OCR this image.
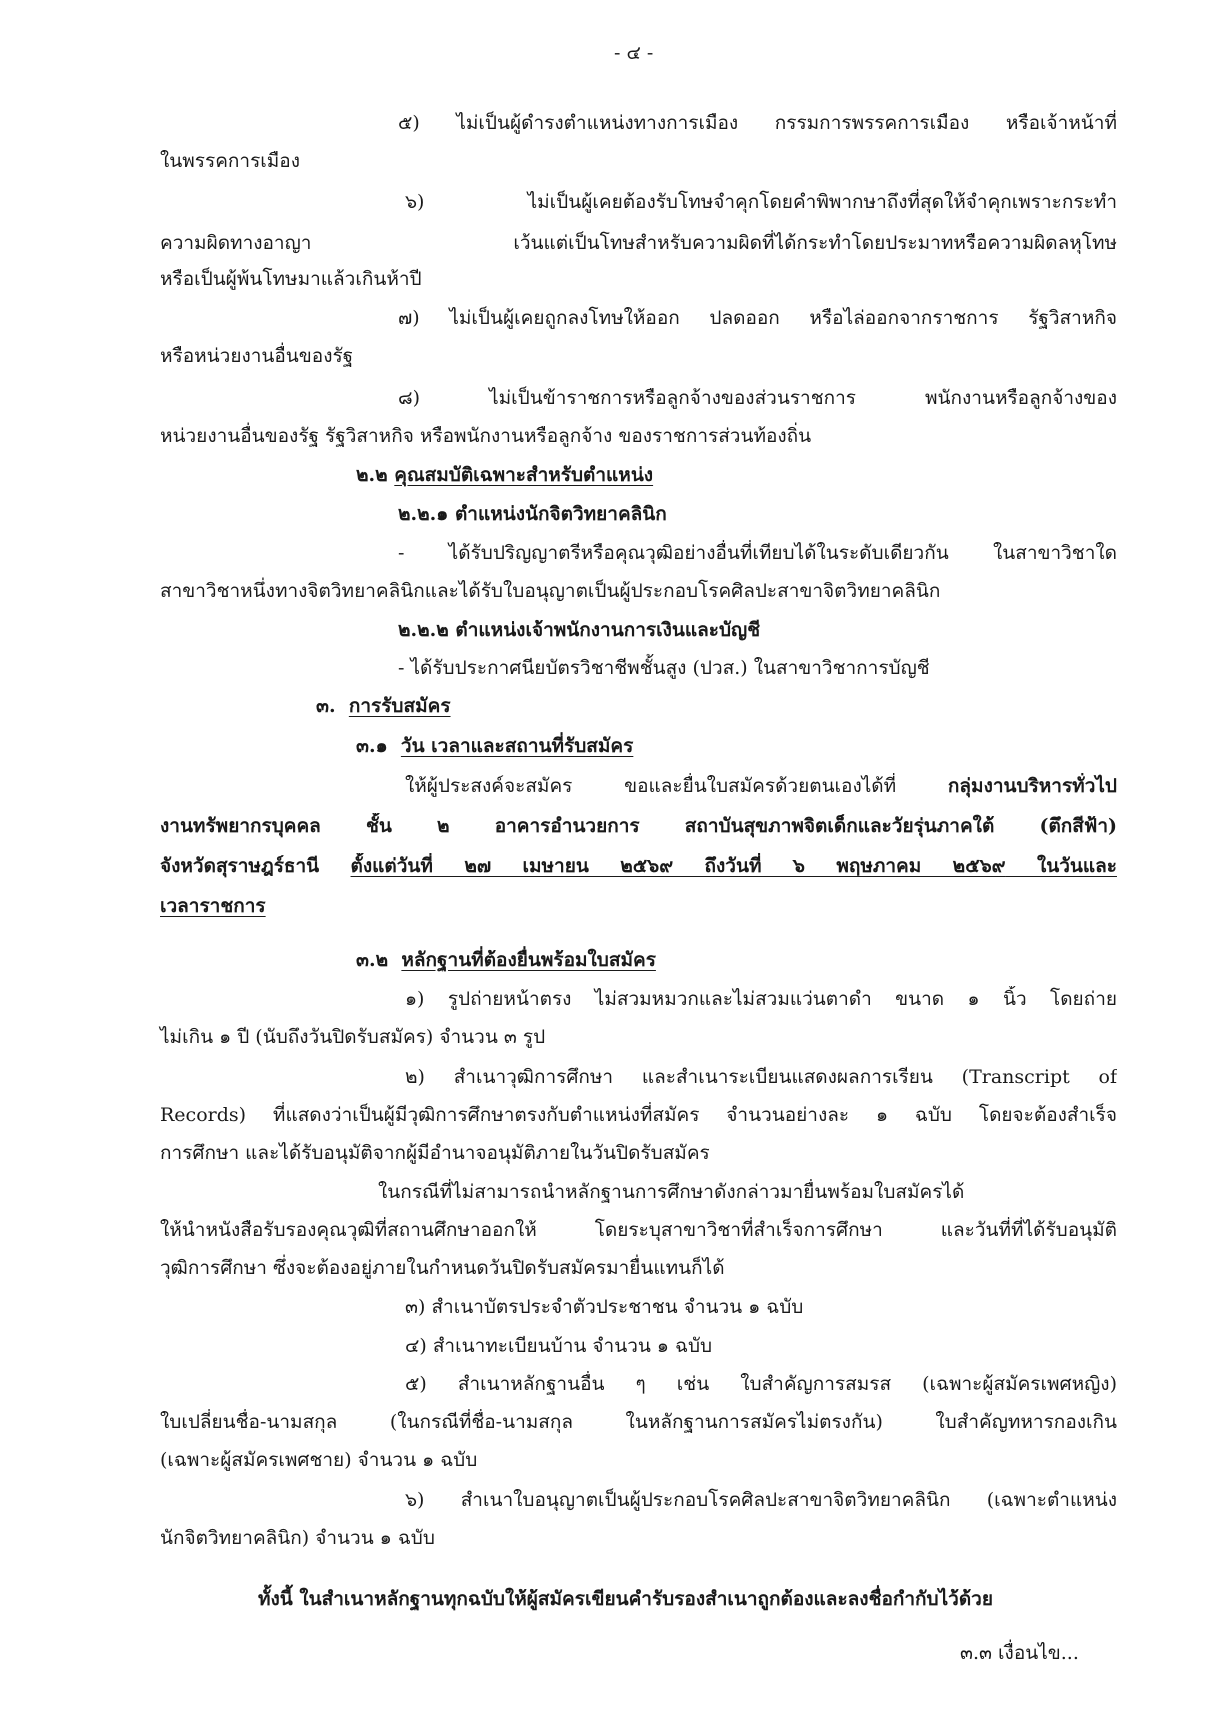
- ๔ -
๕) ไม่เป็นผู้ดำรงตำแหน่งทางการเมือง กรรมการพรรคการเมือง หรือเจ้าหน้าที่
ในพรรคการเมือง
๖) ไม่เป็นผู้เคยต้องรับโทษจำคุกโดยคำพิพากษาถึงที่สุดให้จำคุกเพราะกระทำ
ความผิดทางอาญา เว้นแต่เป็นโทษสำหรับความผิดที่ได้กระทำโดยประมาทหรือความผิดลหุโทษ
หรือเป็นผู้พ้นโทษมาแล้วเกินห้าปี
๗) ไม่เป็นผู้เคยถูกลงโทษให้ออก ปลดออก หรือไล่ออกจากราชการ รัฐวิสาหกิจ
หรือหน่วยงานอื่นของรัฐ
๘) ไม่เป็นข้าราชการหรือลูกจ้างของส่วนราชการ พนักงานหรือลูกจ้างของ
หน่วยงานอื่นของรัฐ รัฐวิสาหกิจ หรือพนักงานหรือลูกจ้าง ของราชการส่วนท้องถิ่น
๒.๒ คุณสมบัติเฉพาะสำหรับตำแหน่ง
๒.๒.๑ ตำแหน่งนักจิตวิทยาคลินิก
- ได้รับปริญญาตรีหรือคุณวุฒิอย่างอื่นที่เทียบได้ในระดับเดียวกัน ในสาขาวิชาใด
สาขาวิชาหนึ่งทางจิตวิทยาคลินิกและได้รับใบอนุญาตเป็นผู้ประกอบโรคศิลปะสาขาจิตวิทยาคลินิก
๒.๒.๒ ตำแหน่งเจ้าพนักงานการเงินและบัญชี
- ได้รับประกาศนียบัตรวิชาชีพชั้นสูง (ปวส.) ในสาขาวิชาการบัญชี
๓. การรับสมัคร
๓.๑ วัน เวลาและสถานที่รับสมัคร
ให้ผู้ประสงค์จะสมัคร ขอและยื่นใบสมัครด้วยตนเองได้ที่ กลุ่มงานบริหารทั่วไป
งานทรัพยากรบุคคล ชั้น ๒ อาคารอำนวยการ สถาบันสุขภาพจิตเด็กและวัยรุ่นภาคใต้ (ตึกสีฟ้า)
จังหวัดสุราษฎร์ธานี ตั้งแต่วันที่ ๒๗ เมษายน ๒๕๖๙ ถึงวันที่ ๖ พฤษภาคม ๒๕๖๙ ในวันและ
เวลาราชการ
๓.๒ หลักฐานที่ต้องยื่นพร้อมใบสมัคร
๑) รูปถ่ายหน้าตรง ไม่สวมหมวกและไม่สวมแว่นตาดำ ขนาด ๑ นิ้ว โดยถ่าย
ไม่เกิน ๑ ปี (นับถึงวันปิดรับสมัคร) จำนวน ๓ รูป
๒) สำเนาวุฒิการศึกษา และสำเนาระเบียนแสดงผลการเรียน (Transcript of
Records) ที่แสดงว่าเป็นผู้มีวุฒิการศึกษาตรงกับตำแหน่งที่สมัคร จำนวนอย่างละ ๑ ฉบับ โดยจะต้องสำเร็จ
การศึกษา และได้รับอนุมัติจากผู้มีอำนาจอนุมัติภายในวันปิดรับสมัคร
ในกรณีที่ไม่สามารถนำหลักฐานการศึกษาดังกล่าวมายื่นพร้อมใบสมัครได้
ให้นำหนังสือรับรองคุณวุฒิที่สถานศึกษาออกให้ โดยระบุสาขาวิชาที่สำเร็จการศึกษา และวันที่ที่ได้รับอนุมัติ
วุฒิการศึกษา ซึ่งจะต้องอยู่ภายในกำหนดวันปิดรับสมัครมายื่นแทนก็ได้
๓) สำเนาบัตรประจำตัวประชาชน จำนวน ๑ ฉบับ
๔) สำเนาทะเบียนบ้าน จำนวน ๑ ฉบับ
๕) สำเนาหลักฐานอื่น ๆ เช่น ใบสำคัญการสมรส (เฉพาะผู้สมัครเพศหญิง)
ใบเปลี่ยนชื่อ-นามสกุล (ในกรณีที่ชื่อ-นามสกุล ในหลักฐานการสมัครไม่ตรงกัน) ใบสำคัญทหารกองเกิน
(เฉพาะผู้สมัครเพศชาย) จำนวน ๑ ฉบับ
๖) สำเนาใบอนุญาตเป็นผู้ประกอบโรคศิลปะสาขาจิตวิทยาคลินิก (เฉพาะตำแหน่ง
นักจิตวิทยาคลินิก) จำนวน ๑ ฉบับ
ทั้งนี้ ในสำเนาหลักฐานทุกฉบับให้ผู้สมัครเขียนคำรับรองสำเนาถูกต้องและลงชื่อกำกับไว้ด้วย
๓.๓ เงื่อนไข...
